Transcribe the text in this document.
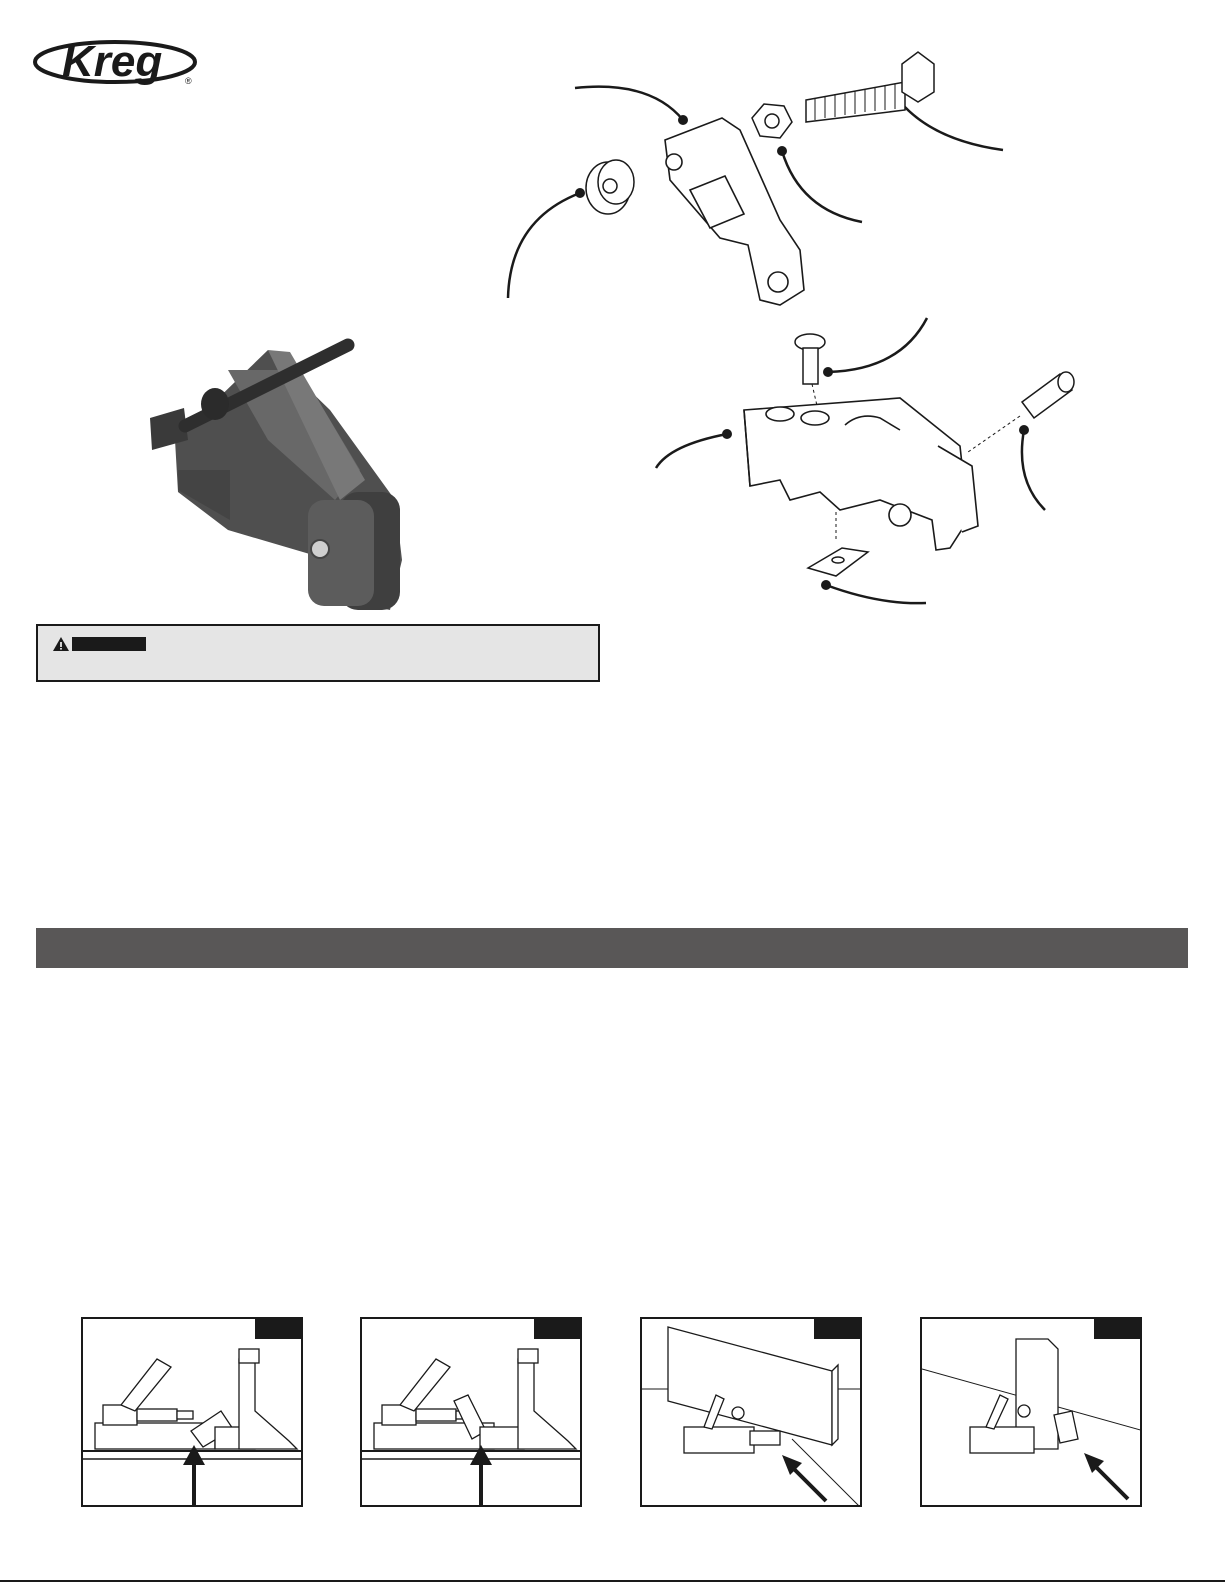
Kreg	®
